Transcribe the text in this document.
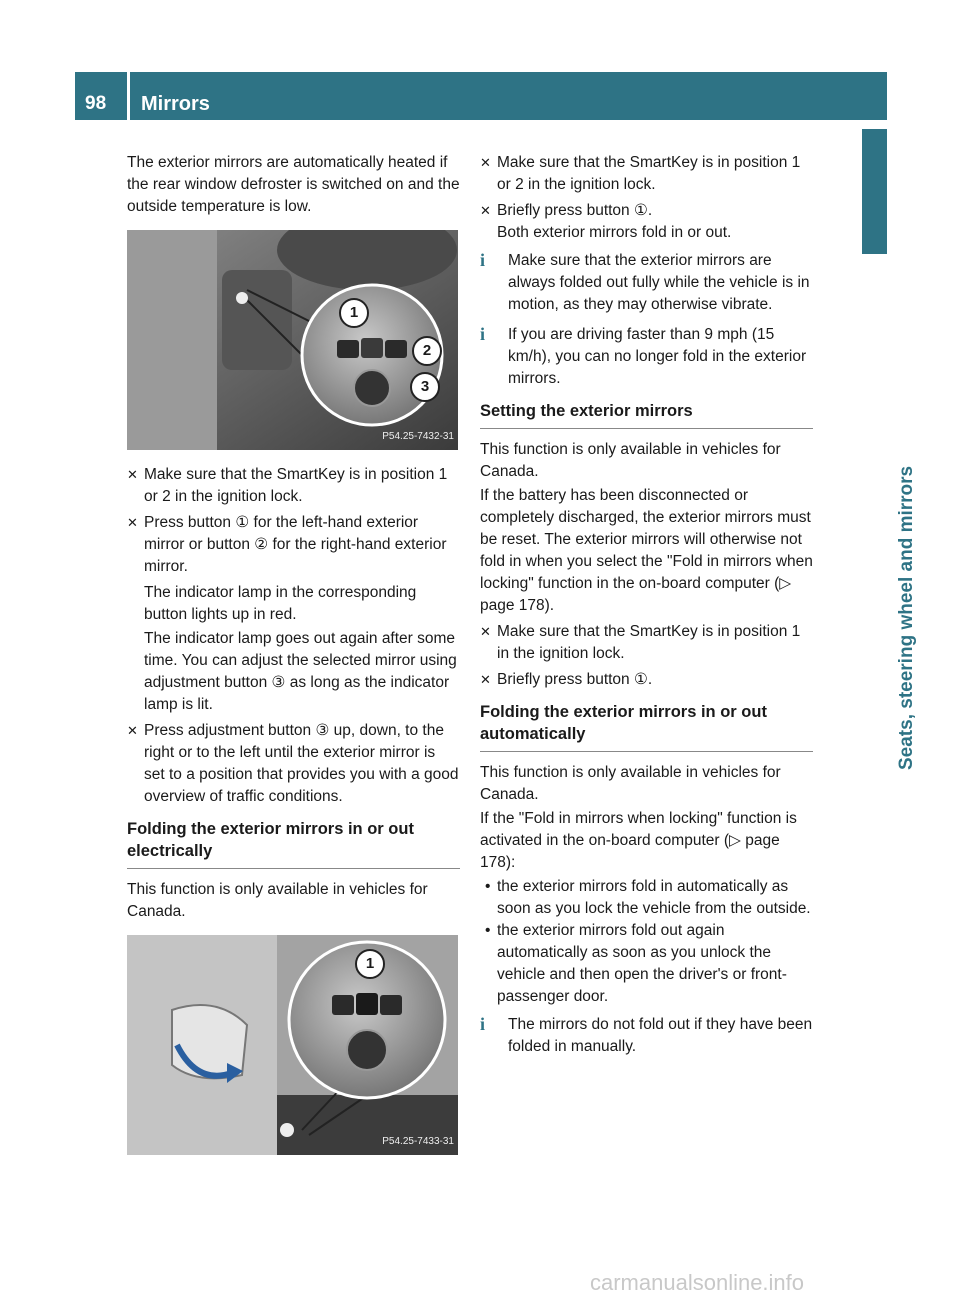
98	Mirrors
Seats, steering wheel and mirrors

The exterior mirrors are automatically heated if the rear window defroster is switched on and the outside temperature is low.

1
2
3
P54.25-7432-31
✕ Make sure that the SmartKey is in position 1 or 2 in the ignition lock.
✕ Press button ① for the left-hand exterior mirror or button ② for the right-hand exterior mirror.

The indicator lamp in the corresponding button lights up in red.

The indicator lamp goes out again after some time. You can adjust the selected mirror using adjustment button ③ as long as the indicator lamp is lit.

✕ Press adjustment button ③ up, down, to the right or to the left until the exterior mirror is set to a position that provides you with a good overview of traffic conditions.
Folding the exterior mirrors in or out electrically

This function is only available in vehicles for Canada.

1
P54.25-7433-31
✕ Make sure that the SmartKey is in position 1 or 2 in the ignition lock.
✕ Briefly press button ①.

Both exterior mirrors fold in or out.

i	Make sure that the exterior mirrors are always folded out fully while the vehicle is in motion, as they may otherwise vibrate.
i	If you are driving faster than 9 mph (15 km/h), you can no longer fold in the exterior mirrors.
Setting the exterior mirrors

This function is only available in vehicles for Canada.

If the battery has been disconnected or completely discharged, the exterior mirrors must be reset. The exterior mirrors will otherwise not fold in when you select the "Fold in mirrors when locking" function in the on-board computer (▷ page 178).

✕ Make sure that the SmartKey is in position 1 in the ignition lock.
✕ Briefly press button ①.
Folding the exterior mirrors in or out automatically

This function is only available in vehicles for Canada.

If the "Fold in mirrors when locking" function is activated in the on-board computer (▷ page 178):

• the exterior mirrors fold in automatically as soon as you lock the vehicle from the outside.
• the exterior mirrors fold out again automatically as soon as you unlock the vehicle and then open the driver's or front-passenger door.
i	The mirrors do not fold out if they have been folded in manually.
carmanualsonline.info
